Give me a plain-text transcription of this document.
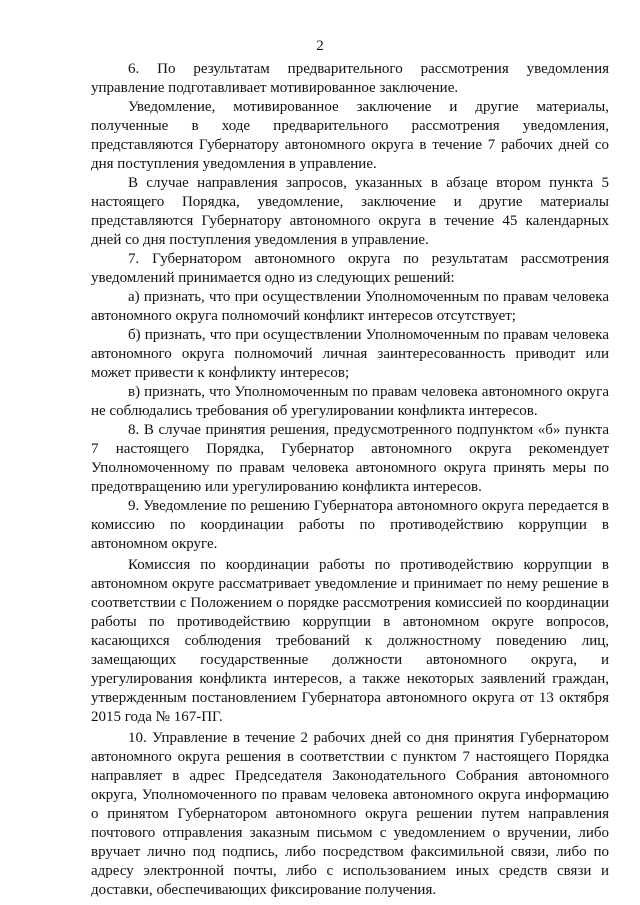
2

6. По результатам предварительного рассмотрения уведомления управление подготавливает мотивированное заключение.

Уведомление, мотивированное заключение и другие материалы, полученные в ходе предварительного рассмотрения уведомления, представляются Губернатору автономного округа в течение 7 рабочих дней со дня поступления уведомления в управление.

В случае направления запросов, указанных в абзаце втором пункта 5 настоящего Порядка, уведомление, заключение и другие материалы представляются Губернатору автономного округа в течение 45 календарных дней со дня поступления уведомления в управление.

7. Губернатором автономного округа по результатам рассмотрения уведомлений принимается одно из следующих решений:

а) признать, что при осуществлении Уполномоченным по правам человека автономного округа полномочий конфликт интересов отсутствует;

б) признать, что при осуществлении Уполномоченным по правам человека автономного округа полномочий личная заинтересованность приводит или может привести к конфликту интересов;

в) признать, что Уполномоченным по правам человека автономного округа не соблюдались требования об урегулировании конфликта интересов.

8. В случае принятия решения, предусмотренного подпунктом «б» пункта 7 настоящего Порядка, Губернатор автономного округа рекомендует Уполномоченному по правам человека автономного округа принять меры по предотвращению или урегулированию конфликта интересов.

9. Уведомление по решению Губернатора автономного округа передается в комиссию по координации работы по противодействию коррупции в автономном округе.

Комиссия по координации работы по противодействию коррупции в автономном округе рассматривает уведомление и принимает по нему решение в соответствии с Положением о порядке рассмотрения комиссией по координации работы по противодействию коррупции в автономном округе вопросов, касающихся соблюдения требований к должностному поведению лиц, замещающих государственные должности автономного округа, и урегулирования конфликта интересов, а также некоторых заявлений граждан, утвержденным постановлением Губернатора автономного округа от 13 октября 2015 года № 167-ПГ.

10. Управление в течение 2 рабочих дней со дня принятия Губернатором автономного округа решения в соответствии с пунктом 7 настоящего Порядка направляет в адрес Председателя Законодательного Собрания автономного округа, Уполномоченного по правам человека автономного округа информацию о принятом Губернатором автономного округа решении путем направления почтового отправления заказным письмом с уведомлением о вручении, либо вручает лично под подпись, либо посредством факсимильной связи, либо по адресу электронной почты, либо с использованием иных средств связи и доставки, обеспечивающих фиксирование получения.
